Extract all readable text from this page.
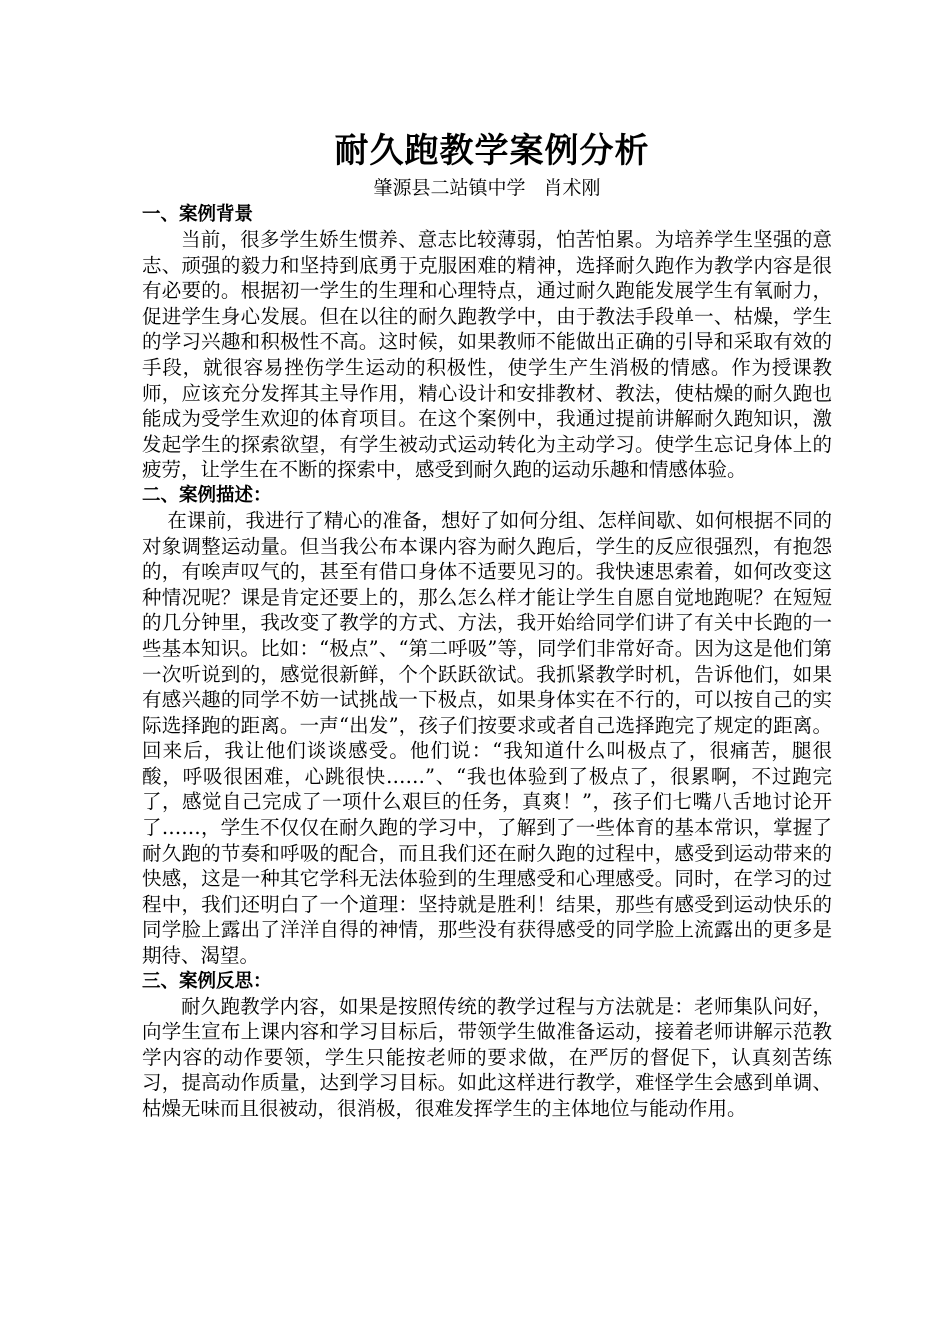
耐久跑教学案例分析

肇源县二站镇中学   肖术刚

一、案例背景

当前，很多学生娇生惯养、意志比较薄弱，怕苦怕累。为培养学生坚强的意志、顽强的毅力和坚持到底勇于克服困难的精神，选择耐久跑作为教学内容是很有必要的。根据初一学生的生理和心理特点，通过耐久跑能发展学生有氧耐力，促进学生身心发展。但在以往的耐久跑教学中，由于教法手段单一、枯燥，学生的学习兴趣和积极性不高。这时候，如果教师不能做出正确的引导和采取有效的手段，就很容易挫伤学生运动的积极性，使学生产生消极的情感。作为授课教师，应该充分发挥其主导作用，精心设计和安排教材、教法，使枯燥的耐久跑也能成为受学生欢迎的体育项目。在这个案例中，我通过提前讲解耐久跑知识，激发起学生的探索欲望，有学生被动式运动转化为主动学习。使学生忘记身体上的疲劳，让学生在不断的探索中，感受到耐久跑的运动乐趣和情感体验。

二、案例描述：

在课前，我进行了精心的准备，想好了如何分组、怎样间歇、如何根据不同的对象调整运动量。但当我公布本课内容为耐久跑后，学生的反应很强烈，有抱怨的，有唉声叹气的，甚至有借口身体不适要见习的。我快速思索着，如何改变这种情况呢？课是肯定还要上的，那么怎么样才能让学生自愿自觉地跑呢？在短短的几分钟里，我改变了教学的方式、方法，我开始给同学们讲了有关中长跑的一些基本知识。比如：“极点”、“第二呼吸”等，同学们非常好奇。因为这是他们第一次听说到的，感觉很新鲜，个个跃跃欲试。我抓紧教学时机，告诉他们，如果有感兴趣的同学不妨一试挑战一下极点，如果身体实在不行的，可以按自己的实际选择跑的距离。一声“出发”，孩子们按要求或者自己选择跑完了规定的距离。回来后，我让他们谈谈感受。他们说：“我知道什么叫极点了，很痛苦，腿很酸，呼吸很困难，心跳很快……”、“我也体验到了极点了，很累啊，不过跑完了，感觉自己完成了一项什么艰巨的任务，真爽！”，孩子们七嘴八舌地讨论开了……，学生不仅仅在耐久跑的学习中，了解到了一些体育的基本常识，掌握了耐久跑的节奏和呼吸的配合，而且我们还在耐久跑的过程中，感受到运动带来的快感，这是一种其它学科无法体验到的生理感受和心理感受。同时，在学习的过程中，我们还明白了一个道理：坚持就是胜利！结果，那些有感受到运动快乐的同学脸上露出了洋洋自得的神情，那些没有获得感受的同学脸上流露出的更多是期待、渴望。

三、案例反思：

耐久跑教学内容，如果是按照传统的教学过程与方法就是：老师集队问好，向学生宣布上课内容和学习目标后，带领学生做准备运动，接着老师讲解示范教学内容的动作要领，学生只能按老师的要求做，在严厉的督促下，认真刻苦练习，提高动作质量，达到学习目标。如此这样进行教学，难怪学生会感到单调、枯燥无味而且很被动，很消极，很难发挥学生的主体地位与能动作用。
